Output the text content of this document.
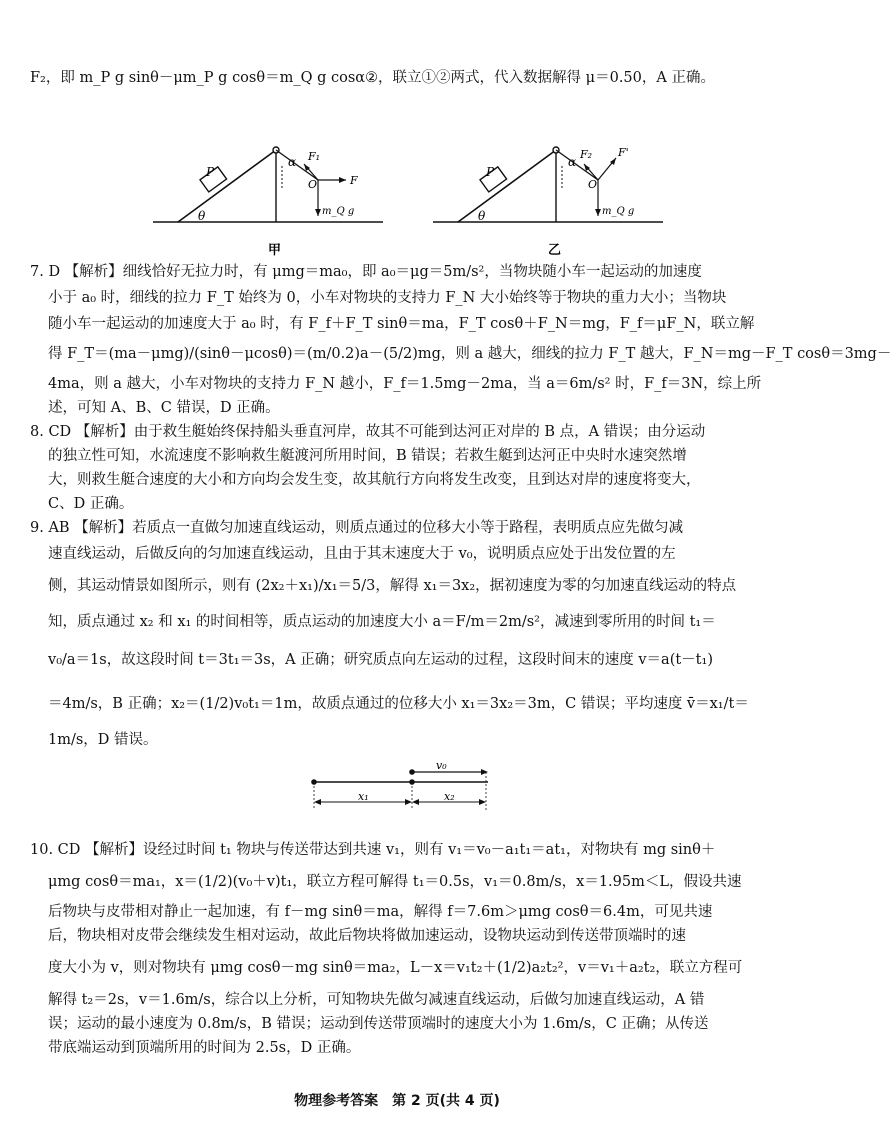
F₂，即 m_P g sinθ－μm_P g cosθ＝m_Q g cosα②，联立①②两式，代入数据解得 μ＝0.50，A 正确。
P
α
θ
F₁
O	F
m_Q g
甲
P
α
θ
F₂
O
F'
m_Q g
乙
7. D 【解析】细线恰好无拉力时，有 μmg＝ma₀，即 a₀＝μg＝5m/s²，当物块随小车一起运动的加速度
小于 a₀ 时，细线的拉力 F_T 始终为 0，小车对物块的支持力 F_N 大小始终等于物块的重力大小；当物块
随小车一起运动的加速度大于 a₀ 时，有 F_f＋F_T sinθ＝ma，F_T cosθ＋F_N＝mg，F_f＝μF_N，联立解
得 F_T＝(ma－μmg)/(sinθ－μcosθ)＝(m/0.2)a－(5/2)mg，则 a 越大，细线的拉力 F_T 越大，F_N＝mg－F_T cosθ＝3mg－
4ma，则 a 越大，小车对物块的支持力 F_N 越小，F_f＝1.5mg－2ma，当 a＝6m/s² 时，F_f＝3N，综上所
述，可知 A、B、C 错误，D 正确。
8. CD 【解析】由于救生艇始终保持船头垂直河岸，故其不可能到达河正对岸的 B 点，A 错误；由分运动
的独立性可知，水流速度不影响救生艇渡河所用时间，B 错误；若救生艇到达河正中央时水速突然增
大，则救生艇合速度的大小和方向均会发生变，故其航行方向将发生改变，且到达对岸的速度将变大，
C、D 正确。
9. AB 【解析】若质点一直做匀加速直线运动，则质点通过的位移大小等于路程，表明质点应先做匀减
速直线运动，后做反向的匀加速直线运动，且由于其末速度大于 v₀，说明质点应处于出发位置的左
侧，其运动情景如图所示，则有 (2x₂＋x₁)/x₁＝5/3，解得 x₁＝3x₂，据初速度为零的匀加速直线运动的特点
知，质点通过 x₂ 和 x₁ 的时间相等，质点运动的加速度大小 a＝F/m＝2m/s²，减速到零所用的时间 t₁＝
v₀/a＝1s，故这段时间 t＝3t₁＝3s，A 正确；研究质点向左运动的过程，这段时间末的速度 v＝a(t－t₁)
＝4m/s，B 正确；x₂＝(1/2)v₀t₁＝1m，故质点通过的位移大小 x₁＝3x₂＝3m，C 错误；平均速度 v̄＝x₁/t＝
1m/s，D 错误。
v₀
x₁	x₂
10. CD 【解析】设经过时间 t₁ 物块与传送带达到共速 v₁，则有 v₁＝v₀－a₁t₁＝at₁，对物块有 mg sinθ＋
μmg cosθ＝ma₁，x＝(1/2)(v₀＋v)t₁，联立方程可解得 t₁＝0.5s，v₁＝0.8m/s，x＝1.95m＜L，假设共速
后物块与皮带相对静止一起加速，有 f－mg sinθ＝ma，解得 f＝7.6m＞μmg cosθ＝6.4m，可见共速
后，物块相对皮带会继续发生相对运动，故此后物块将做加速运动，设物块运动到传送带顶端时的速
度大小为 v，则对物块有 μmg cosθ－mg sinθ＝ma₂，L－x＝v₁t₂＋(1/2)a₂t₂²，v＝v₁＋a₂t₂，联立方程可
解得 t₂＝2s，v＝1.6m/s，综合以上分析，可知物块先做匀减速直线运动，后做匀加速直线运动，A 错
误；运动的最小速度为 0.8m/s，B 错误；运动到传送带顶端时的速度大小为 1.6m/s，C 正确；从传送
带底端运动到顶端所用的时间为 2.5s，D 正确。
物理参考答案　第 2 页(共 4 页)
